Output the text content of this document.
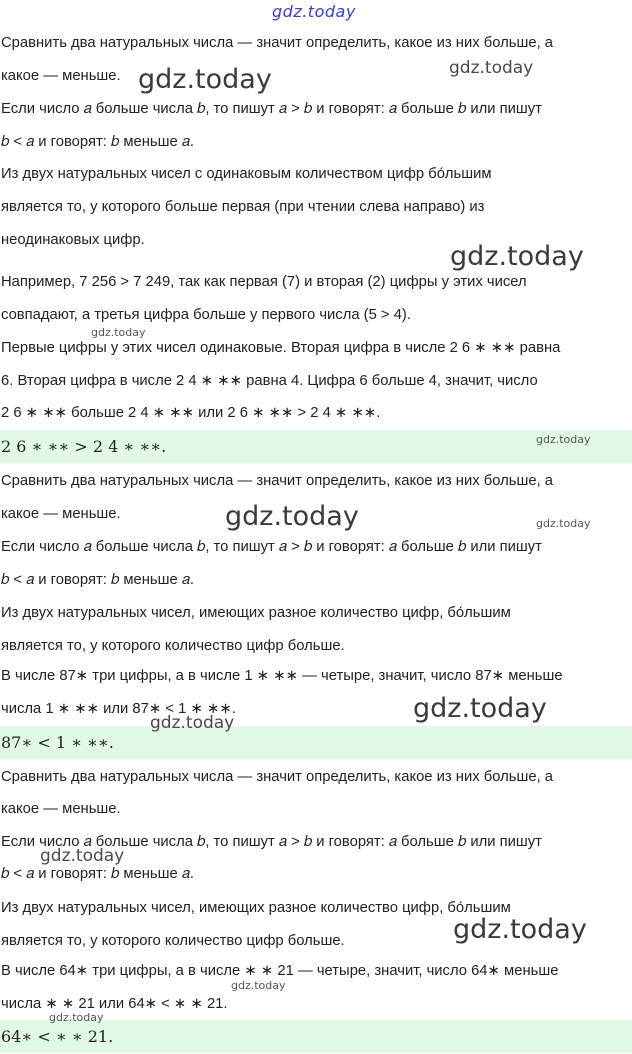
gdz.today
Сравнить два натуральных числа — значит определить, какое из них больше, а
какое — меньше.
Если число 𝑎 больше числа 𝑏, то пишут 𝑎 > 𝑏 и говорят: 𝑎 больше 𝑏 или пишут
𝑏 < 𝑎 и говорят: 𝑏 меньше 𝑎.
Из двух натуральных чисел с одинаковым количеством цифр бо́льшим
является то, у которого больше первая (при чтении слева направо) из
неодинаковых цифр.
Например, 7 256 > 7 249, так как первая (7) и вторая (2) цифры у этих чисел
совпадают, а третья цифра больше у первого числа (5 > 4).
Первые цифры у этих чисел одинаковые. Вторая цифра в числе 2 6 ∗ ∗∗ равна
6. Вторая цифра в числе 2 4 ∗ ∗∗ равна 4. Цифра 6 больше 4, значит, число
2 6 ∗ ∗∗ больше 2 4 ∗ ∗∗ или 2 6 ∗ ∗∗ > 2 4 ∗ ∗∗.
2 6 ∗ ∗∗ > 2 4 ∗ ∗∗.
Сравнить два натуральных числа — значит определить, какое из них больше, а
какое — меньше.
Если число 𝑎 больше числа 𝑏, то пишут 𝑎 > 𝑏 и говорят: 𝑎 больше 𝑏 или пишут
𝑏 < 𝑎 и говорят: 𝑏 меньше 𝑎.
Из двух натуральных чисел, имеющих разное количество цифр, бо́льшим
является то, у которого количество цифр больше.
В числе 87∗ три цифры, а в числе 1 ∗ ∗∗ — четыре, значит, число 87∗ меньше
числа 1 ∗ ∗∗ или 87∗ < 1 ∗ ∗∗.
87∗ < 1 ∗ ∗∗.
Сравнить два натуральных числа — значит определить, какое из них больше, а
какое — меньше.
Если число 𝑎 больше числа 𝑏, то пишут 𝑎 > 𝑏 и говорят: 𝑎 больше 𝑏 или пишут
𝑏 < 𝑎 и говорят: 𝑏 меньше 𝑎.
Из двух натуральных чисел, имеющих разное количество цифр, бо́льшим
является то, у которого количество цифр больше.
В числе 64∗ три цифры, а в числе ∗ ∗ 21 — четыре, значит, число 64∗ меньше
числа ∗ ∗ 21 или 64∗ < ∗ ∗ 21.
64∗ < ∗ ∗ 21.
gdz.today	gdz.today
gdz.today
gdz.today
gdz.today
gdz.today	gdz.today
gdz.today	gdz.today
gdz.today
gdz.today
gdz.today
gdz.today
